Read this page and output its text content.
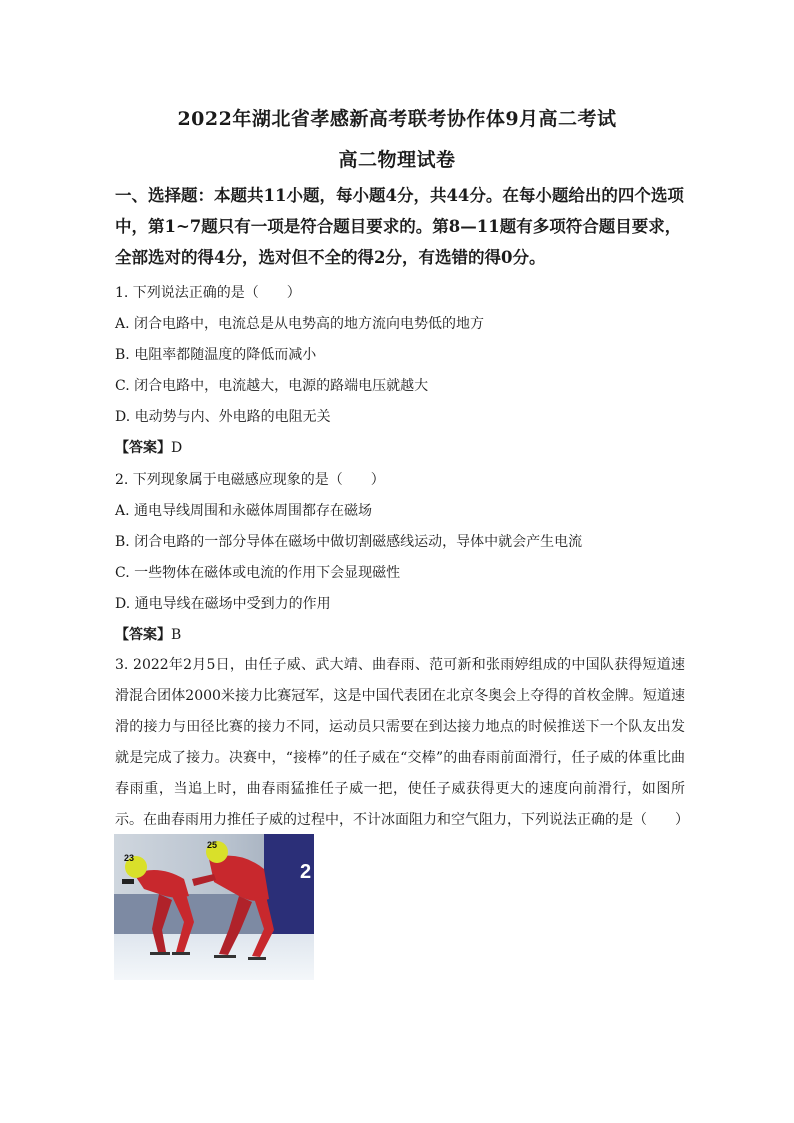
2022年湖北省孝感新高考联考协作体9月高二考试
高二物理试卷
一、选择题：本题共11小题，每小题4分，共44分。在每小题给出的四个选项中，第1~7题只有一项是符合题目要求的。第8—11题有多项符合题目要求，全部选对的得4分，选对但不全的得2分，有选错的得0分。
1. 下列说法正确的是（　　）
A. 闭合电路中，电流总是从电势高的地方流向电势低的地方
B. 电阻率都随温度的降低而减小
C. 闭合电路中，电流越大，电源的路端电压就越大
D. 电动势与内、外电路的电阻无关
【答案】D
2. 下列现象属于电磁感应现象的是（　　）
A. 通电导线周围和永磁体周围都存在磁场
B. 闭合电路的一部分导体在磁场中做切割磁感线运动，导体中就会产生电流
C. 一些物体在磁体或电流的作用下会显现磁性
D. 通电导线在磁场中受到力的作用
【答案】B
3. 2022年2月5日，由任子威、武大靖、曲春雨、范可新和张雨婷组成的中国队获得短道速滑混合团体2000米接力比赛冠军，这是中国代表团在北京冬奥会上夺得的首枚金牌。短道速滑的接力与田径比赛的接力不同，运动员只需要在到达接力地点的时候推送下一个队友出发就是完成了接力。决赛中，“接棒”的任子威在“交棒”的曲春雨前面滑行，任子威的体重比曲春雨重，当追上时，曲春雨猛推任子威一把，使任子威获得更大的速度向前滑行，如图所示。在曲春雨用力推任子威的过程中，不计冰面阻力和空气阻力，下列说法正确的是（　　）
2
23
25
